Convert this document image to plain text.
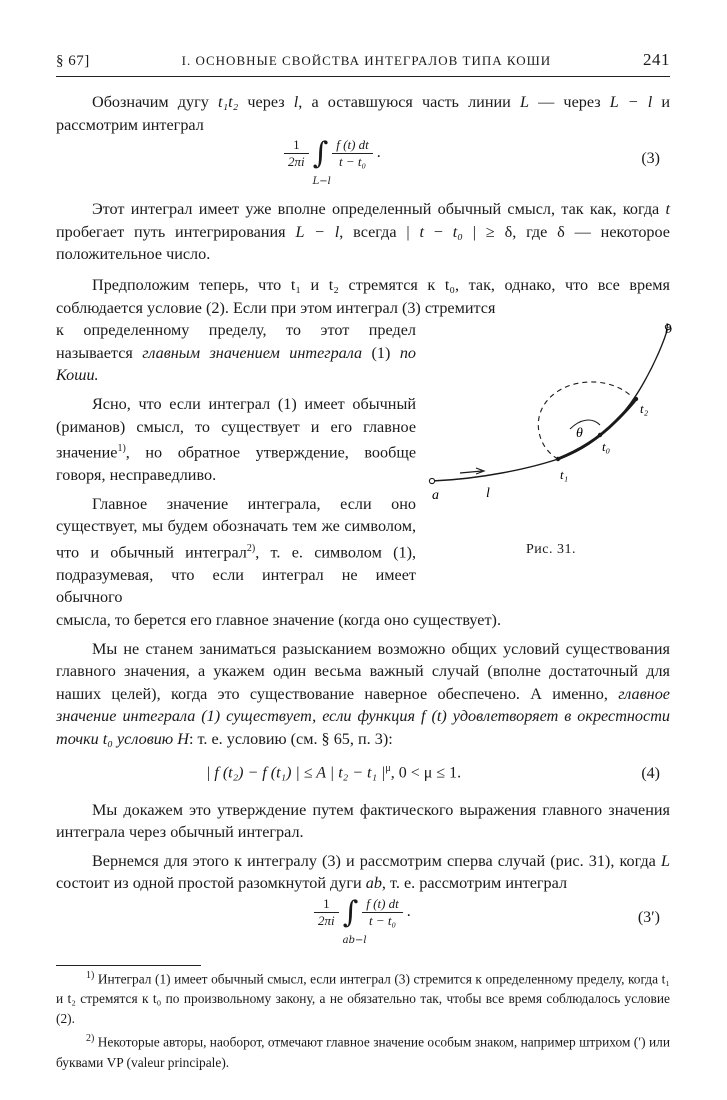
§ 67]	I. ОСНОВНЫЕ СВОЙСТВА ИНТЕГРАЛОВ ТИПА КОШИ	241

Обозначим дугу t₁t₂ через l, а оставшуюся часть линии L — через L − l и рассмотрим интеграл

$\frac{1}{2\pi i}$ ∫
L−l

$\frac{f (t) dt}{\text{t − t₀}}$ .	(3)

Этот интеграл имеет уже вполне определенный обычный смысл, так как, когда t пробегает путь интегрирования L − l, всегда | t − t₀ | ≥ δ, где δ — некоторое положительное число.

Предположим теперь, что t₁ и t₂ стремятся к t₀, так, однако, что все время соблюдается условие (2). Если при этом интеграл (3) стремится

a
b
l
t₁
t₀
t₂
θ
Рис. 31.

к определенному пределу, то этот предел называется главным значением интеграла (1) по Коши.

Ясно, что если интеграл (1) имеет обычный (риманов) смысл, то существует и его главное значение$^{1)}$, но обратное утверждение, вообще говоря, несправедливо.

Главное значение интеграла, если оно существует, мы будем обозначать тем же символом, что и обычный интеграл$^{2)}$, т. е. символом (1), подразумевая, что если интеграл не имеет обычного

смысла, то берется его главное значение (когда оно существует).

Мы не станем заниматься разысканием возможно общих условий существования главного значения, а укажем один весьма важный случай (вполне достаточный для наших целей), когда это существование наверное обеспечено. А именно, главное значение интеграла (1) существует, если функция f (t) удовлетворяет в окрестности точки t₀ условию H: т. е. условию (см. § 65, п. 3):

| f (t₂) − f (t₁) | ≤ A | t₂ − t₁ $|^\mu$, 0 < μ ≤ 1.	(4)

Мы докажем это утверждение путем фактического выражения главного значения интеграла через обычный интеграл.

Вернемся для этого к интегралу (3) и рассмотрим сперва случай (рис. 31), когда L состоит из одной простой разомкнутой дуги ab, т. е. рассмотрим интеграл

$\frac{1}{2\pi i}$ ∫
ab−l

$\frac{f (t) dt}{\text{t − t₀}}$ .	(3′)

$^{1)}$ Интеграл (1) имеет обычный смысл, если интеграл (3) стремится к определенному пределу, когда t₁ и t₂ стремятся к t₀ по произвольному закону, а не обязательно так, чтобы все время соблюдалось условие (2).

$^{2)}$ Некоторые авторы, наоборот, отмечают главное значение особым знаком, например штрихом (′) или буквами VP (valeur principale).
